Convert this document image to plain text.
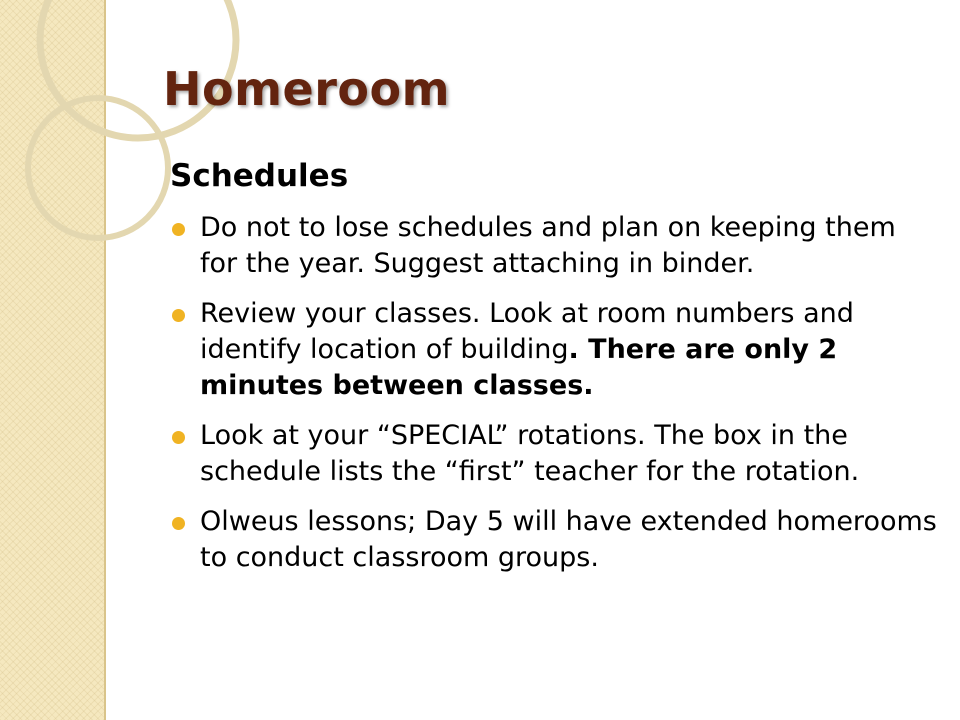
Homeroom
Schedules
Do not to lose schedules and plan on keeping them for the year. Suggest attaching in binder.
Review your classes. Look at room numbers and identify location of building. There are only 2 minutes between classes.
Look at your “SPECIAL” rotations. The box in the schedule lists the “first” teacher for the rotation.
Olweus lessons; Day 5 will have extended homerooms to conduct classroom groups.
